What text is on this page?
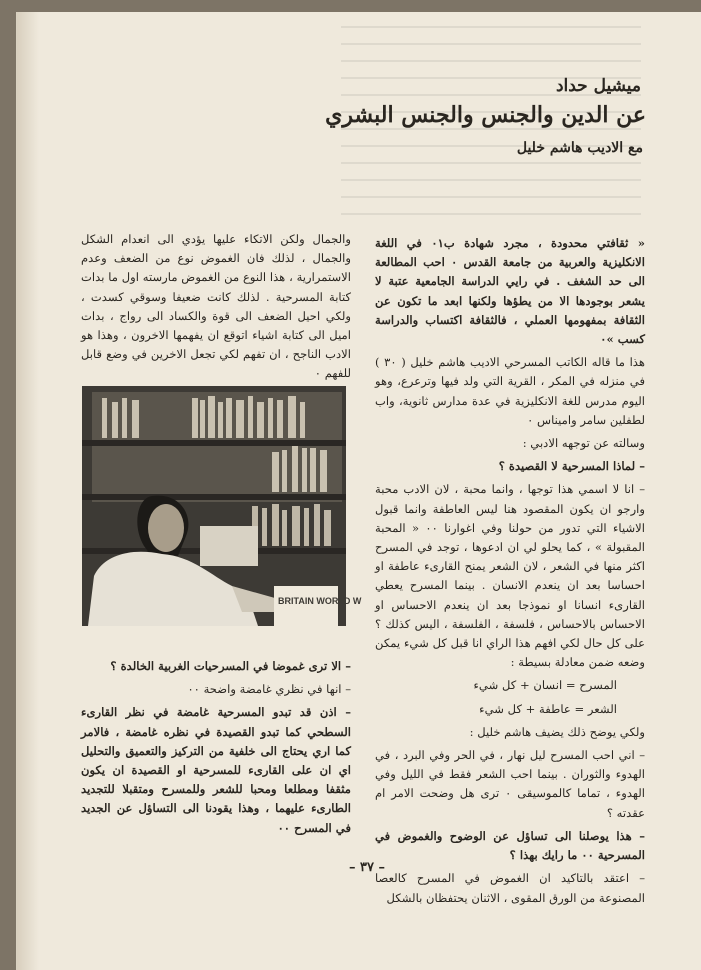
ميشيل حداد
عن الدين والجنس والجنس البشري
مع الاديب هاشم خليل

« ثقافتي محدودة ، مجرد شهادة ب٠١ في اللغة الانكليزية والعربية من جامعة القدس ٠ احب المطالعة الى حد الشغف . في رايي الدراسة الجامعية عتبة لا يشعر بوجودها الا من يطؤها ولكنها ابعد ما تكون عن الثقافة بمفهومها العملي ، فالثقافة اكتساب والدراسة كسب »٠

هذا ما قاله الكاتب المسرحي الاديب هاشم خليل ( ٣٠ ) في منزله في المكر ، القرية التي ولد فيها وترعرع، وهو اليوم مدرس للغة الانكليزية في عدة مدارس ثانوية، واب لطفلين سامر واميناس ٠

وسالته عن توجهه الادبي :

– لماذا المسرحية لا القصيدة ؟

– انا لا اسمي هذا توجها ، وانما محبة ، لان الادب محبة وارجو ان يكون المقصود هنا ليس العاطفة وانما قبول الاشياء التي تدور من حولنا وفي اغوارنا ٠٠ « المحبة المقبولة » ، كما يحلو لي ان ادعوها ، توجد في المسرح اكثر منها في الشعر ، لان الشعر يمنح القارىء عاطفة او احساسا بعد ان ينعدم الانسان . بينما المسرح يعطي القارىء انسانا او نموذجا بعد ان ينعدم الاحساس او الاحساس بالاحساس ، فلسفة ، الفلسفة ، اليس كذلك ؟ على كل حال لكي افهم هذا الراي انا قبل كل شيء يمكن وضعه ضمن معادلة بسيطة :

المسرح = انسان + كل شيء

الشعر = عاطفة + كل شيء

ولكي يوضح ذلك يضيف هاشم خليل :

– اني احب المسرح ليل نهار ، في الحر وفي البرد ، في الهدوء والثوران . بينما احب الشعر فقط في الليل وفي الهدوء ، تماما كالموسيقى ٠ ترى هل وضحت الامر ام عقدته ؟

– هذا يوصلنا الى تساؤل عن الوضوح والغموض في المسرحية ٠٠ ما رايك بهذا ؟

– اعتقد بالتاكيد ان الغموض في المسرح كالعصا المصنوعة من الورق المقوى ، الاثنان يحتفظان بالشكل

والجمال ولكن الاتكاء عليها يؤدي الى انعدام الشكل والجمال ، لذلك فان الغموض نوع من الضعف وعدم الاستمرارية ، هذا النوع من الغموض مارسته اول ما بدات كتابة المسرحية . لذلك كانت ضعيفا وسوقي كسدت ، ولكي احيل الضعف الى قوة والكساد الى رواج ، بدات اميل الى كتابة اشياء اتوقع ان يفهمها الاخرون ، وهذا هو الادب الناجح ، ان تفهم لكي تجعل الاخرين في وضع قابل للفهم ٠

– الا ترى غموضا في المسرحيات الغربية الخالدة ؟

– انها في نظري غامضة واضحة ٠٠

– اذن قد تبدو المسرحية غامضة في نظر القارىء السطحي كما تبدو القصيدة في نظره غامضة ، فالامر كما اري يحتاج الى خلفية من التركيز والتعميق والتحليل اي ان على القارىء للمسرحية او القصيدة ان يكون مثقفا ومطلعا ومحبا للشعر وللمسرح ومتقبلا للتجديد الطارىء عليهما ، وهذا يقودنا الى التساؤل عن الجديد في المسرح ٠٠

– ٣٧ –
BRITAIN WORLD W
